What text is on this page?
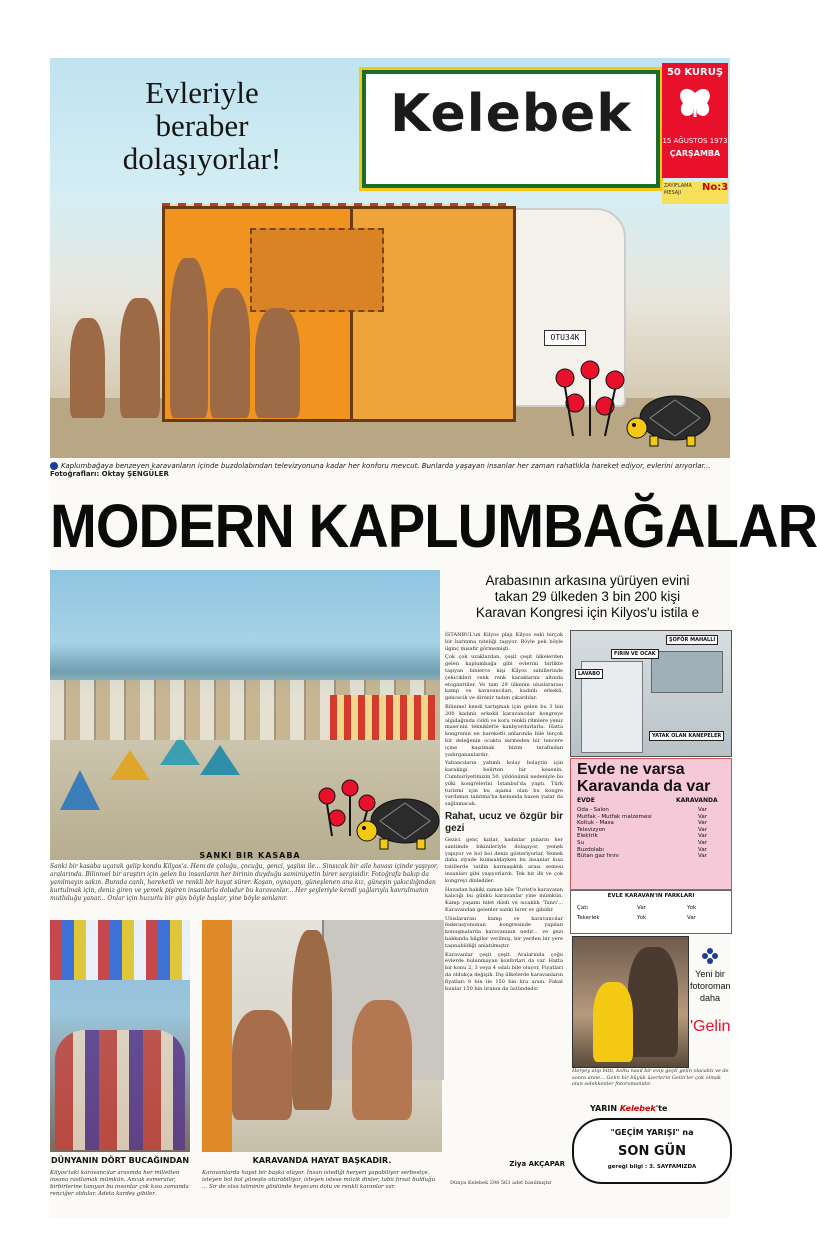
OTU34K
Evleriyle
beraber
dolaşıyorlar!
Kelebek
50 KURUŞ
15 AĞUSTOS 1973
ÇARŞAMBA
ZAYIFLAMA MESAJI	No:3
Kaplumbağaya benzeyen karavanların içinde buzdolabından televizyonuna kadar her konforu mevcut. Bunlarda yaşayan insanlar her zaman rahatlıkla hareket ediyor, evlerini arıyorlar... Fotoğrafları: Oktay ŞENGÜLER
MODERN KAPLUMBAĞALAR
SANKI BIR KASABA
Sanki bir kasaba uçarak gelip kondu Kilyos'a. Hem de çoluğu, çocuğu, genci, yaşlısı ile... Sinsıcak bir aile havası içinde yaşıyor, aralarında. Bilinmel bir araştırı için gelen bu insanların her birinin duyduğu samimiyetin birer sergisidir. Fotoğrafa bakıp da yanılmayın sakın. Burada canlı, hareketli ve renkli bir hayat sürer. Koşan, oynayan, güneşlenen ana kız, güneşin yakıcılığından kurtulmak için, deniz giren ve yemek pişiren insanlarla doludur bu karavanlar... Her şeyleriyle kendi yağlarıyla kavrulmanın mutluluğu yanar... Onlar için huzurlu bir gün böyle başlar, yine böyle sonlanır.
DÜNYANIN DÖRT BUCAĞINDAN
Kilyos'taki karavancılar arasında her milletten insana rastlamak mümkün. Ancak esmeralar, birbirlerine tanıyan bu insanlar çok kısa zamanda renciğer oldular. Adeta kardeş gibiler.
KARAVANDA HAYAT BAŞKADIR.
Karavanlarda hayat bir başka oluyor. İnsan istediği heryeri yapabiliyor serbestçe, isteyen bol bol güneşte oturabiliyor, isteyen istese müzik dinler, tabii fırsat bulduğu ... Sır de olsa tatminin gönlünde heyecanı dolu ve renkli karanlar var.
Arabasının arkasına yürüyen evini
takan 29 ülkeden 3 bin 200 kişi
Karavan Kongresi için Kilyos'u istila e

İSTANBUL'un Kilyos plajı Kilyos eski birçok bir barınma niteliği taşıyor. Böyle pek böyle ilginç misafir görmemişti.

Çok çok uzaklardan, çeşit çeşit ülkelerden gelen kaplumbağa gibi evlerini birlikte taşıyan binlerce kişi Kilyos sahillerinde çekicikleri renk renk karaklarını altında etoganttiler. Ve tam 29 ülkenin uluslararası kamp ve karavancıları, kadınlı erkekli, gencecik ve direnir tadım çıkardılar.

Bilinmel kendi tartışmak için gelen bu 3 bin 200 kadınlı erkekli karavancılar kongreye algıdağında ciddi ve koru renkli rilmlere yeniz mase'nin tekniklerle kanbyordurlarla. Hatta kongrenin en hareketli anlarında bile birçok bir deleğenin ocakta sermeden bir tencere içine kaşıtmak bizim tarafından yadırgananlardır.

Yabancıların yatımlı kolay bolaytin için karaklıgı belirten bir kesenin, Cumhuriyetimizin 50. yıldönümü nedeniyle bu yılki kongrelerini İstanbul'da yaptı. Türk turizmi için bu aşama olan bu kongre vardımızı tanıtma'ba kısmında bazen yazar da sağlamacak.

Rahat, ucuz ve özgür bir gezi

Gezici genç kızlar, kadınlar pınarın her santimde bikinileriyle dolaşıyor, yemek yapıyor ve bol bol deniz gösteriyorlar. Yemek daha ziyade kumsaldayken bu insanlar kısa tatillerde tatilin karmaşıklık arası semesi insanları gibi yaşıyorlardı. Tek bir ilk ve çok kongreyi dinlediler.

Havadan hakiki zaman bile 'Turist'e karavanın kalıcığı bu günkü karavanlar yine mümkün. Kamp yaşamı bilet dizdi ve sıcaklık 'Tanrı'... Karavandan gelenler sanki birer ev gibidir.

Uluslararası kamp ve karavancılar federasyonunun kongresinde yapılan konuşmalarda karavanının nedir... ve gezi hakkında bilgiler verilmiş, bir yerden bir yere taşınabildiği anlatılmıştır.

Karavanlar çeşit çeşit. Aralarında çoğu evlerde bulunmayan konforları da var. Hatta bir konu 2, 3 veya 4 odalı bile oluyor. Fiyatları da oldukça değişik. Dış ülkelerde karavanların fiyatları 8 bin ile 150 bin lira arası. Fakat bunlar 150 bin liranın da üstündedir.

Ziya AKÇAPAR
Dünya Kelebek 298 563 adet basılmıştır
ŞOFÖR MAHALLİ
FIRIN VE OCAK
LAVABO
YATAK OLAN KANEPELER
Evde ne varsa
Karavanda da var
EVDE	KARAVANDA
Oda - Salon	Var
Mutfak - Mutfak malzemesi	Var
Koltuk - Masa	Var
Televizyon	Var
Elektrik	Var
Su	Var
Buzdolabı	Var
Bütan gaz fırını	Var
EVLE KARAVAN'IN FARKLARI
Çatı	Var	Yok
Tekerlek	Yok	Var
Yeni bir
fotoroman
daha
'Gelin
Herşey alıp bitti, koltu nasıl bir evip geçti gelin olacaktı ve de sonra anne... Gelin bir büyük üzerlerin Gelin'ler çok olmak olan selekkenler fotoromanıdır.
YARIN Kelebek'te
"GEÇİM YARIŞI" na
SON GÜN
gereği bilgi : 3. SAYFAMIZDA
